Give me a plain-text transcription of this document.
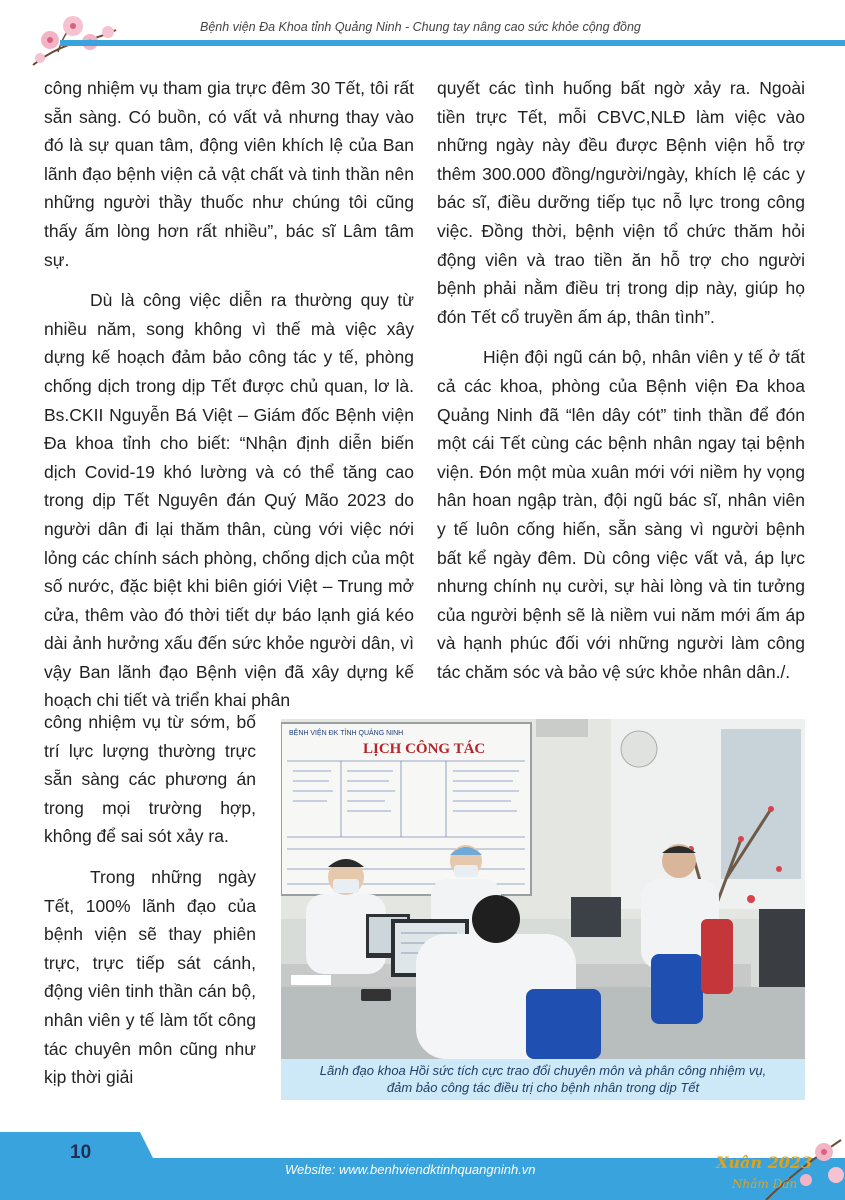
Bệnh viện Đa Khoa tỉnh Quảng Ninh - Chung tay nâng cao sức khỏe cộng đồng

công nhiệm vụ tham gia trực đêm 30 Tết, tôi rất sẵn sàng. Có buồn, có vất vả nhưng thay vào đó là sự quan tâm, động viên khích lệ của Ban lãnh đạo bệnh viện cả vật chất và tinh thần nên những người thầy thuốc như chúng tôi cũng thấy ấm lòng hơn rất nhiều”, bác sĩ Lâm tâm sự.

Dù là công việc diễn ra thường quy từ nhiều năm, song không vì thế mà việc xây dựng kế hoạch đảm bảo công tác y tế, phòng chống dịch trong dịp Tết được chủ quan, lơ là. Bs.CKII Nguyễn Bá Việt – Giám đốc Bệnh viện Đa khoa tỉnh cho biết: “Nhận định diễn biến dịch Covid-19 khó lường và có thể tăng cao trong dịp Tết Nguyên đán Quý Mão 2023 do người dân đi lại thăm thân, cùng với việc nới lỏng các chính sách phòng, chống dịch của một số nước, đặc biệt khi biên giới Việt – Trung mở cửa, thêm vào đó thời tiết dự báo lạnh giá kéo dài ảnh hưởng xấu đến sức khỏe người dân, vì vậy Ban lãnh đạo Bệnh viện đã xây dựng kế hoạch chi tiết và triển khai phân

quyết các tình huống bất ngờ xảy ra. Ngoài tiền trực Tết, mỗi CBVC,NLĐ làm việc vào những ngày này đều được Bệnh viện hỗ trợ thêm 300.000 đồng/người/ngày, khích lệ các y bác sĩ, điều dưỡng tiếp tục nỗ lực trong công việc. Đồng thời, bệnh viện tổ chức thăm hỏi động viên và trao tiền ăn hỗ trợ cho người bệnh phải nằm điều trị trong dịp này, giúp họ đón Tết cổ truyền ấm áp, thân tình”.

Hiện đội ngũ cán bộ, nhân viên y tế ở tất cả các khoa, phòng của Bệnh viện Đa khoa Quảng Ninh đã “lên dây cót” tinh thần để đón một cái Tết cùng các bệnh nhân ngay tại bệnh viện. Đón một mùa xuân mới với niềm hy vọng hân hoan ngập tràn, đội ngũ bác sĩ, nhân viên y tế luôn cống hiến, sẵn sàng vì người bệnh bất kể ngày đêm. Dù công việc vất vả, áp lực nhưng chính nụ cười, sự hài lòng và tin tưởng của người bệnh sẽ là niềm vui năm mới ấm áp và hạnh phúc đối với những người làm công tác chăm sóc và bảo vệ sức khỏe nhân dân./.

công nhiệm vụ từ sớm, bố trí lực lượng thường trực sẵn sàng các phương án trong mọi trường hợp, không để sai sót xảy ra.

Trong những ngày Tết, 100% lãnh đạo của bệnh viện sẽ thay phiên trực, trực tiếp sát cánh, động viên tinh thần cán bộ, nhân viên y tế làm tốt công tác chuyên môn cũng như kịp thời giải

BỆNH VIỆN ĐK TỈNH QUẢNG NINH
LỊCH CÔNG TÁC
Lãnh đạo khoa Hồi sức tích cực trao đổi chuyên môn và phân công nhiệm vụ,
đảm bảo công tác điều trị cho bệnh nhân trong dịp Tết
10
Website: www.benhviendktinhquangninh.vn	Xuân 2023
Nhâm Dần
